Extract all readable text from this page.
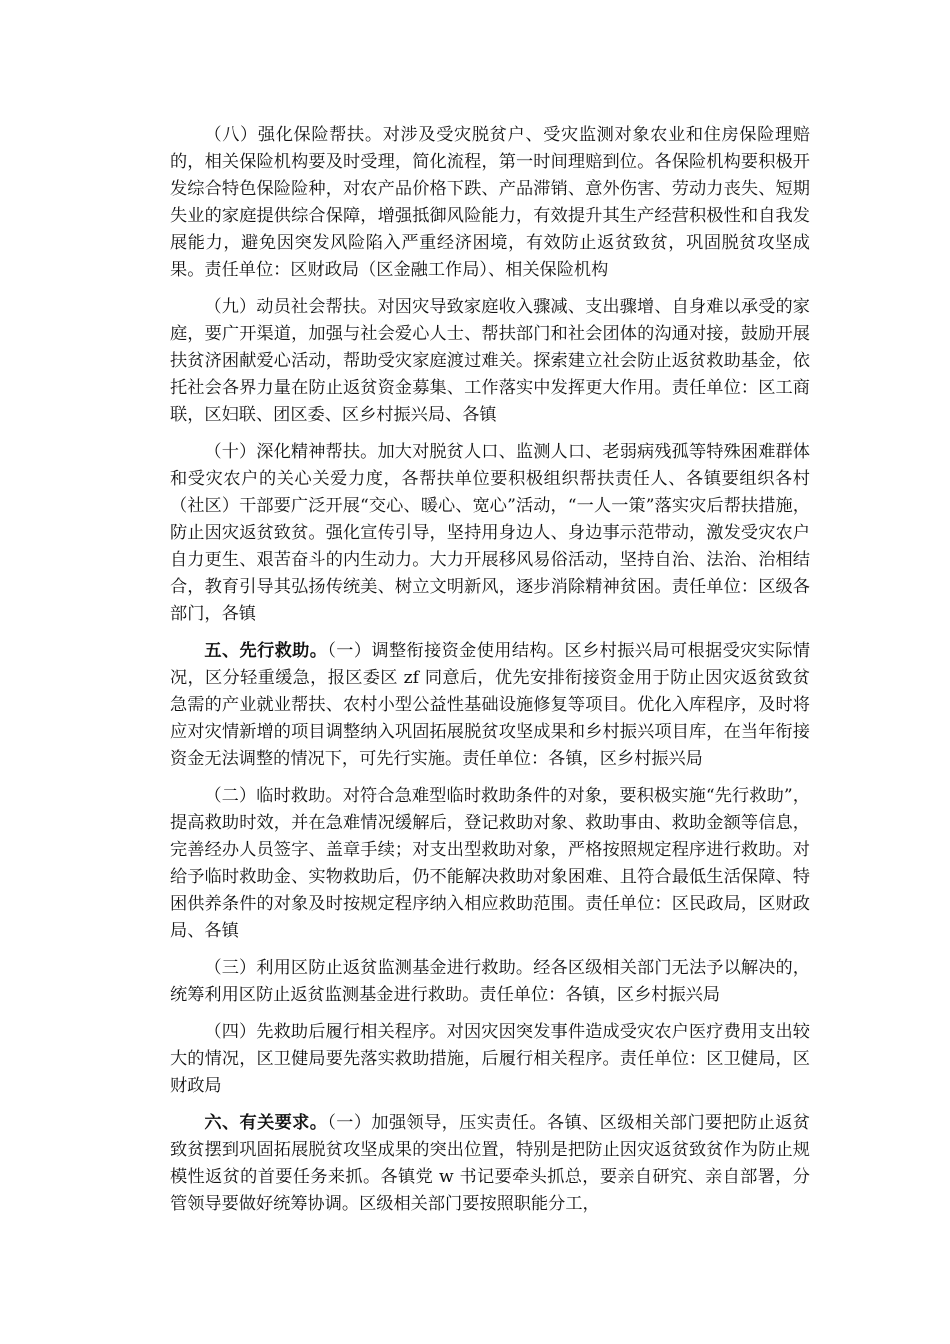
（八）强化保险帮扶。对涉及受灾脱贫户、受灾监测对象农业和住房保险理赔的，相关保险机构要及时受理，简化流程，第一时间理赔到位。各保险机构要积极开发综合特色保险险种，对农产品价格下跌、产品滞销、意外伤害、劳动力丧失、短期失业的家庭提供综合保障，增强抵御风险能力，有效提升其生产经营积极性和自我发展能力，避免因突发风险陷入严重经济困境，有效防止返贫致贫，巩固脱贫攻坚成果。责任单位：区财政局（区金融工作局）、相关保险机构

（九）动员社会帮扶。对因灾导致家庭收入骤减、支出骤增、自身难以承受的家庭，要广开渠道，加强与社会爱心人士、帮扶部门和社会团体的沟通对接，鼓励开展扶贫济困献爱心活动，帮助受灾家庭渡过难关。探索建立社会防止返贫救助基金，依托社会各界力量在防止返贫资金募集、工作落实中发挥更大作用。责任单位：区工商联，区妇联、团区委、区乡村振兴局、各镇

（十）深化精神帮扶。加大对脱贫人口、监测人口、老弱病残孤等特殊困难群体和受灾农户的关心关爱力度，各帮扶单位要积极组织帮扶责任人、各镇要组织各村（社区）干部要广泛开展“交心、暖心、宽心”活动，“一人一策”落实灾后帮扶措施，防止因灾返贫致贫。强化宣传引导，坚持用身边人、身边事示范带动，激发受灾农户自力更生、艰苦奋斗的内生动力。大力开展移风易俗活动，坚持自治、法治、治相结合，教育引导其弘扬传统美、树立文明新风，逐步消除精神贫困。责任单位：区级各部门，各镇

五、先行救助。（一）调整衔接资金使用结构。区乡村振兴局可根据受灾实际情况，区分轻重缓急，报区委区 zf 同意后，优先安排衔接资金用于防止因灾返贫致贫急需的产业就业帮扶、农村小型公益性基础设施修复等项目。优化入库程序，及时将应对灾情新增的项目调整纳入巩固拓展脱贫攻坚成果和乡村振兴项目库，在当年衔接资金无法调整的情况下，可先行实施。责任单位：各镇，区乡村振兴局

（二）临时救助。对符合急难型临时救助条件的对象，要积极实施“先行救助”，提高救助时效，并在急难情况缓解后，登记救助对象、救助事由、救助金额等信息，完善经办人员签字、盖章手续；对支出型救助对象，严格按照规定程序进行救助。对给予临时救助金、实物救助后，仍不能解决救助对象困难、且符合最低生活保障、特困供养条件的对象及时按规定程序纳入相应救助范围。责任单位：区民政局，区财政局、各镇

（三）利用区防止返贫监测基金进行救助。经各区级相关部门无法予以解决的，统筹利用区防止返贫监测基金进行救助。责任单位：各镇，区乡村振兴局

（四）先救助后履行相关程序。对因灾因突发事件造成受灾农户医疗费用支出较大的情况，区卫健局要先落实救助措施，后履行相关程序。责任单位：区卫健局，区财政局

六、有关要求。（一）加强领导，压实责任。各镇、区级相关部门要把防止返贫致贫摆到巩固拓展脱贫攻坚成果的突出位置，特别是把防止因灾返贫致贫作为防止规模性返贫的首要任务来抓。各镇党 w 书记要牵头抓总，要亲自研究、亲自部署，分管领导要做好统筹协调。区级相关部门要按照职能分工，
